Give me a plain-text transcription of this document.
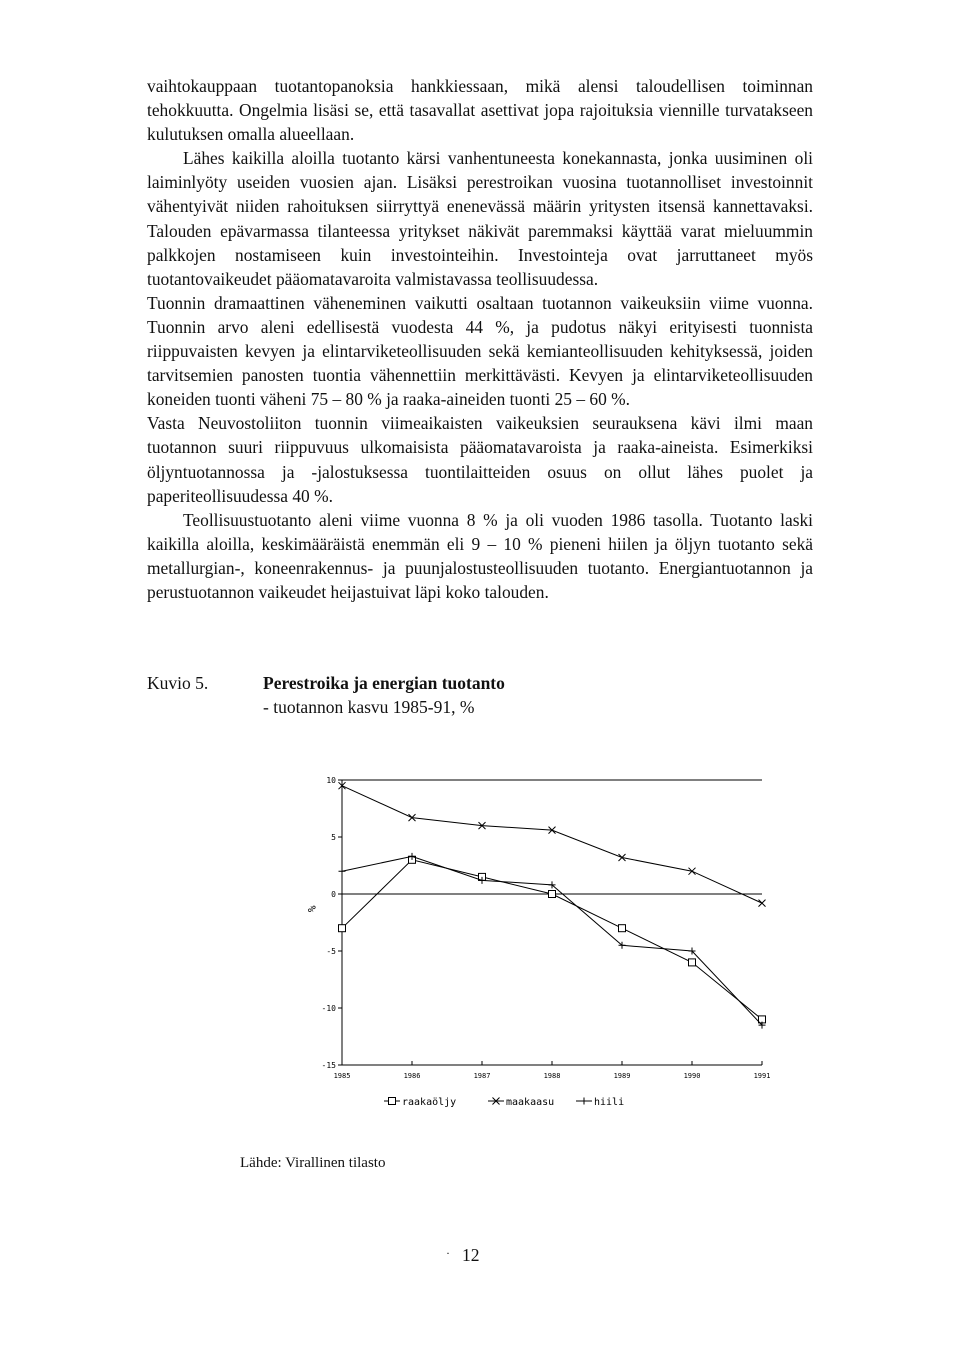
vaihtokauppaan tuotantopanoksia hankkiessaan, mikä alensi taloudellisen toiminnan tehokkuutta. Ongelmia lisäsi se, että tasavallat asettivat jopa rajoituksia viennille turvatakseen kulutuksen omalla alueellaan.

Lähes kaikilla aloilla tuotanto kärsi vanhentuneesta konekannasta, jonka uusiminen oli laiminlyöty useiden vuosien ajan. Lisäksi perestroikan vuosina tuotannolliset investoinnit vähentyivät niiden rahoituksen siirryttyä enenevässä määrin yritysten itsensä kannettavaksi. Talouden epävarmassa tilanteessa yritykset näkivät paremmaksi käyttää varat mieluummin palkkojen nostamiseen kuin investointeihin. Investointeja ovat jarruttaneet myös tuotantovaikeudet pääomatavaroita valmistavassa teollisuudessa.

Tuonnin dramaattinen väheneminen vaikutti osaltaan tuotannon vaikeuksiin viime vuonna. Tuonnin arvo aleni edellisestä vuodesta 44 %, ja pudotus näkyi erityisesti tuonnista riippuvaisten kevyen ja elintarviketeollisuuden sekä kemianteollisuuden kehityksessä, joiden tarvitsemien panosten tuontia vähennettiin merkittävästi. Kevyen ja elintarviketeollisuuden koneiden tuonti väheni 75 – 80 % ja raaka-aineiden tuonti 25 – 60 %.

Vasta Neuvostoliiton tuonnin viimeaikaisten vaikeuksien seurauksena kävi ilmi maan tuotannon suuri riippuvuus ulkomaisista pääomatavaroista ja raaka-aineista. Esimerkiksi öljyntuotannossa ja -jalostuksessa tuontilaitteiden osuus on ollut lähes puolet ja paperiteollisuudessa 40 %.

Teollisuustuotanto aleni viime vuonna 8 % ja oli vuoden 1986 tasolla. Tuotanto laski kaikilla aloilla, keskimääräistä enemmän eli 9 – 10 % pieneni hiilen ja öljyn tuotanto sekä metallurgian-, koneenrakennus- ja puunjalostusteollisuuden tuotanto. Energiantuotannon ja perustuotannon vaikeudet heijastuivat läpi koko talouden.

Kuvio 5.	Perestroika ja energian tuotanto
- tuotannon kasvu 1985-91, %
10
5
0
-5
-10
-15
%
1985	1986	1987	1988	1989	1990	1991
raakaöljy	maakaasu	hiili
Lähde: Virallinen tilasto
· 12
